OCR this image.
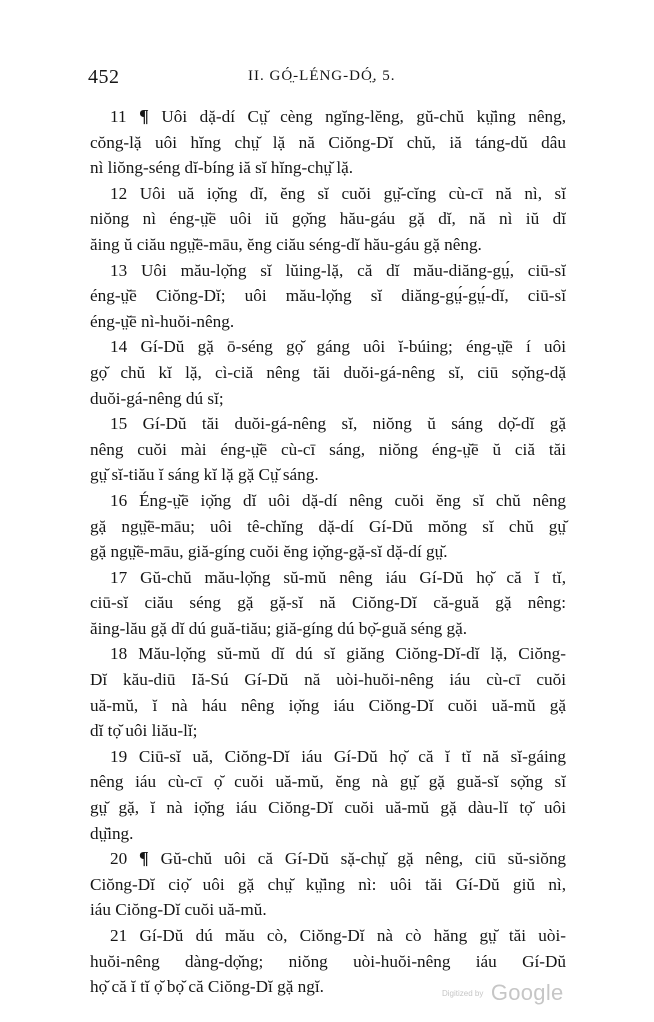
452	II. GÓ̤-LÉNG-DÓ̤, 5.
11 ¶ Uôi dặ-dí Cṳ̆ cèng ngĭng-lĕng, gŭ-chŭ kṳ̆ing nêng,
cŏng-lặ uôi hĭng chṳ̆ lặ nă Ciŏng-Dĭ chŭ, iă táng-dŭ dâu
nì liŏng-séng dĭ-bíng iă sĭ hĭng-chṳ̆ lặ.
12 Uôi uă iọ̆ng dĭ, ĕng sĭ cuŏi gṳ̆-cĭng cù-cī nă nì, sĭ
niŏng nì éng-ṳ̆ē uôi iŭ gọ̆ng hău-gáu gặ dĭ, nă nì iŭ dĭ
ăing ŭ ciău ngṳ̆ē-māu, ĕng ciău séng-dĭ hău-gáu gặ nêng.
13 Uôi mău-lọ̆ng sĭ lŭing-lặ, că dĭ mău-diăng-gṳ́, ciū-sĭ
éng-ṳ̆ē Ciŏng-Dĭ; uôi mău-lọ̆ng sĭ diăng-gṳ́-gṳ́-dĭ, ciū-sĭ
éng-ṳ̆ē nì-huŏi-nêng.
14 Gí-Dŭ gặ ō-séng gọ̆ gáng uôi ĭ-búing; éng-ṳ̆ē í uôi
gọ̆ chŭ kĭ lặ, cì-ciă nêng tăi duŏi-gá-nêng sĭ, ciū sọ̆ng-dặ
duŏi-gá-nêng dú sĭ;
15 Gí-Dŭ tăi duŏi-gá-nêng sĭ, niŏng ŭ sáng dọ̆-dĭ gặ
nêng cuŏi mài éng-ṳ̆ē cù-cī sáng, niŏng éng-ṳ̆ē ŭ ciă tăi
gṳ̆ sĭ-tiău ĭ sáng kĭ lặ gặ Cṳ̆ sáng.
16 Éng-ṳ̆ē iọ̆ng dĭ uôi dặ-dí nêng cuŏi ĕng sĭ chŭ nêng
gặ ngṳ̆ē-māu; uôi tê-chĭng dặ-dí Gí-Dŭ mŏng sĭ chŭ gṳ̆
gặ ngṳ̆ē-māu, giă-gíng cuŏi ĕng iọ̆ng-gặ-sĭ dặ-dí gṳ̆.
17 Gŭ-chŭ mău-lọ̆ng sŭ-mŭ nêng iáu Gí-Dŭ họ̆ că ĭ tĭ,
ciū-sĭ ciău séng gặ gặ-sĭ nă Ciŏng-Dĭ că-guă gặ nêng:
ăing-lău gặ dĭ dú guă-tiău; giă-gíng dú bọ̆-guă séng gặ.
18 Mău-lọ̆ng sŭ-mŭ dĭ dú sĭ giăng Ciŏng-Dĭ-dĭ lặ, Ciŏng-
Dĭ kău-diū Iă-Sú Gí-Dŭ nă uòi-huŏi-nêng iáu cù-cī cuŏi
uă-mŭ, ĭ nà háu nêng iọ̆ng iáu Ciŏng-Dĭ cuŏi uă-mŭ gặ
dĭ tọ̆ uôi liău-lĭ;
19 Ciū-sĭ uă, Ciŏng-Dĭ iáu Gí-Dŭ họ̆ că ĭ tĭ nă sĭ-gáing
nêng iáu cù-cī ọ̆ cuŏi uă-mŭ, ĕng nà gṳ̆ gặ guă-sĭ sọ̆ng sĭ
gṳ̆ gặ, ĭ nà iọ̆ng iáu Ciŏng-Dĭ cuŏi uă-mŭ gặ dàu-lĭ tọ̆ uôi
dṳ̆ing.
20 ¶ Gŭ-chŭ uôi că Gí-Dŭ sặ-chṳ̆ gặ nêng, ciū sŭ-siŏng
Ciŏng-Dĭ ciọ̆ uôi gặ chṳ̆ kṳ̆ing nì: uôi tăi Gí-Dŭ giŭ nì,
iáu Ciŏng-Dĭ cuŏi uă-mŭ.
21 Gí-Dŭ dú mău cò, Ciŏng-Dĭ nà cò hăng gṳ̆ tăi uòi-
huŏi-nêng dàng-dọ̆ng; niŏng uòi-huŏi-nêng iáu Gí-Dŭ
họ̆ că ĭ tĭ ọ̆ bọ̆ că Ciŏng-Dĭ gặ ngĭ.	$^{Digitized by}$ Google
